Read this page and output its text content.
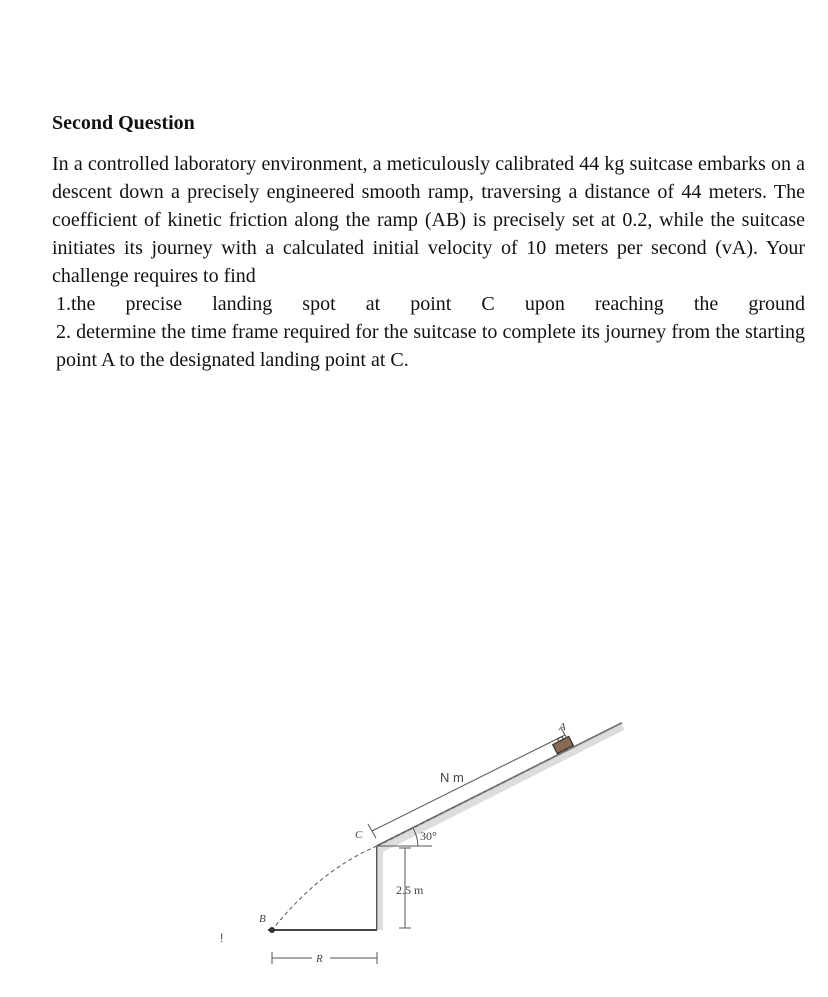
Second Question
In a controlled laboratory environment, a meticulously calibrated 44 kg suitcase embarks on a descent down a precisely engineered smooth ramp, traversing a distance of 44 meters. The coefficient of kinetic friction along the ramp (AB) is precisely set at 0.2, while the suitcase initiates its journey with a calculated initial velocity of 10 meters per second (vA). Your challenge requires to find
1.the precise landing spot at point C upon reaching the ground
2. determine the time frame required for the suitcase to complete its journey from the starting point A to the designated landing point at C.
!
N m
A
30°
C
B
2.5 m
R
